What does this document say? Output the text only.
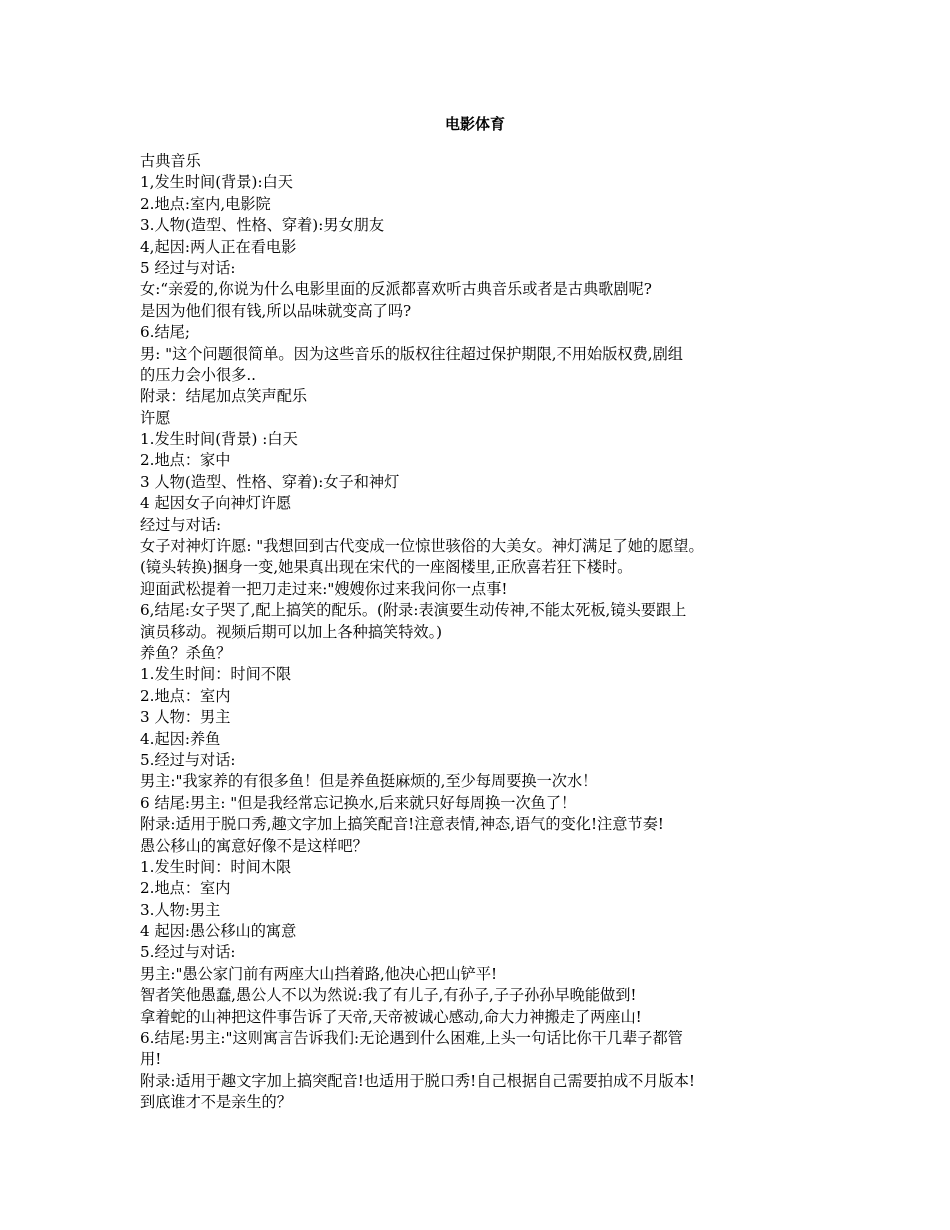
电影体育
古典音乐
1,发生时间(背景):白天
2.地点:室内,电影院
3.人物(造型、性格、穿着):男女朋友
4,起因:两人正在看电影
5 经过与对话:
女:“亲爱的,你说为什么电影里面的反派都喜欢听古典音乐或者是古典歌剧呢?
是因为他们很有钱,所以品味就变高了吗?
6.结尾;
男: "这个问题很简单。因为这些音乐的版权往往超过保护期限,不用始版权费,剧组
的压力会小很多..
附录：结尾加点笑声配乐
许愿
1.发生时间(背景) :白天
2.地点：家中
3 人物(造型、性格、穿着):女子和神灯
4 起因女子向神灯许愿
经过与对话:
女子对神灯许愿: "我想回到古代变成一位惊世骇俗的大美女。神灯满足了她的愿望。
(镜头转换)捆身一变,她果真出现在宋代的一座阁楼里,正欣喜若狂下楼时。
迎面武松提着一把刀走过来:"嫂嫂你过来我问你一点事!
6,结尾:女子哭了,配上搞笑的配乐。(附录:表演要生动传神,不能太死板,镜头要跟上
演员移动。视频后期可以加上各种搞笑特效。)
养鱼？杀鱼？
1.发生时间：时间不限
2.地点：室内
3 人物：男主
4.起因:养鱼
5.经过与对话:
男主:"我家养的有很多鱼！但是养鱼挺麻烦的,至少每周要换一次水！
6 结尾:男主: "但是我经常忘记换水,后来就只好每周换一次鱼了！
附录:适用于脱口秀,趣文字加上搞笑配音!注意表情,神态,语气的变化!注意节奏!
愚公移山的寓意好像不是这样吧？
1.发生时间：时间木限
2.地点：室内
3.人物:男主
4 起因:愚公移山的寓意
5.经过与对话:
男主:"愚公家门前有两座大山挡着路,他决心把山铲平!
智者笑他愚蠢,愚公人不以为然说:我了有儿子,有孙子,子子孙孙早晚能做到!
拿着蛇的山神把这件事告诉了天帝,天帝被诚心感动,命大力神搬走了两座山!
6.结尾:男主:"这则寓言告诉我们:无论遇到什么困难,上头一句话比你干几辈子都管
用!
附录:适用于趣文字加上搞突配音!也适用于脱口秀!自己根据自己需要拍成不月版本!
到底谁才不是亲生的？
